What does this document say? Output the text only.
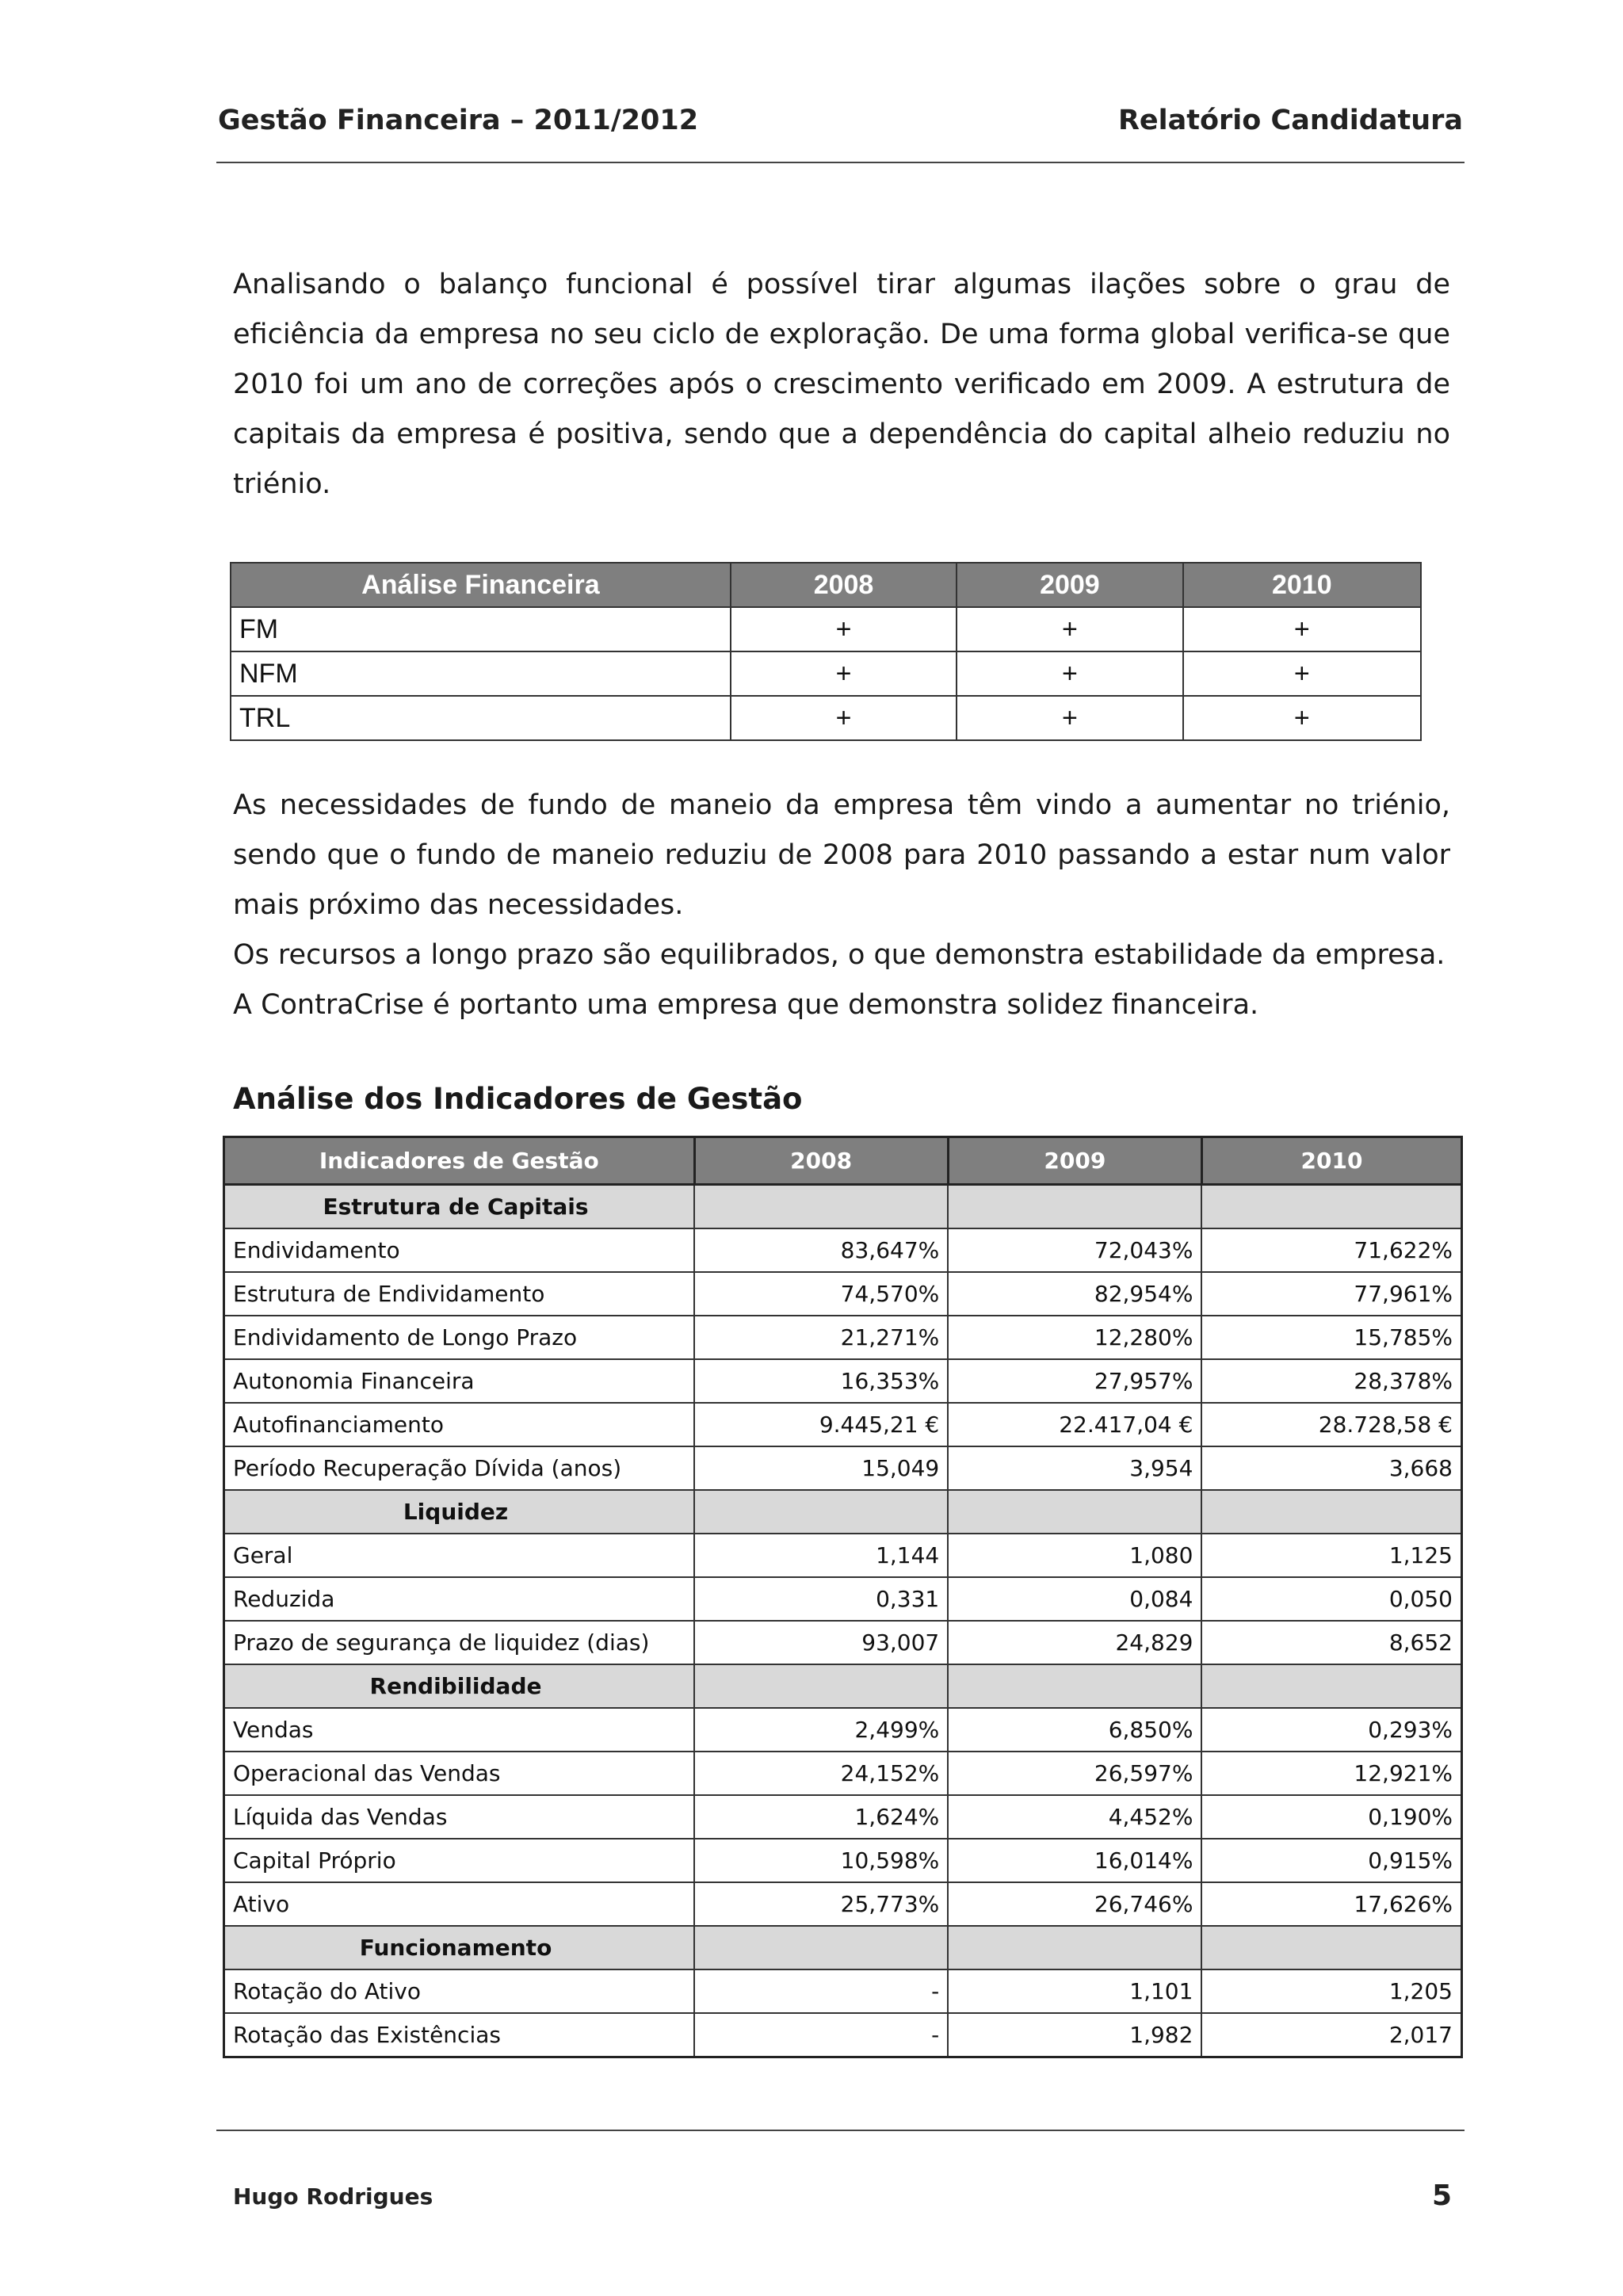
Gestão Financeira – 2011/2012	Relatório Candidatura

Analisando o balanço funcional é possível tirar algumas ilações sobre o grau de eficiência da empresa no seu ciclo de exploração. De uma forma global verifica-se que 2010 foi um ano de correções após o crescimento verificado em 2009. A estrutura de capitais da empresa é positiva, sendo que a dependência do capital alheio reduziu no triénio.

Análise Financeira	2008	2009	2010
FM	+	+	+
NFM	+	+	+
TRL	+	+	+

As necessidades de fundo de maneio da empresa têm vindo a aumentar no triénio, sendo que o fundo de maneio reduziu de 2008 para 2010 passando a estar num valor mais próximo das necessidades.

Os recursos a longo prazo são equilibrados, o que demonstra estabilidade da empresa.

A ContraCrise é portanto uma empresa que demonstra solidez financeira.

Análise dos Indicadores de Gestão
Indicadores de Gestão	2008	2009	2010
Estrutura de Capitais			
Endividamento	83,647%	72,043%	71,622%
Estrutura de Endividamento	74,570%	82,954%	77,961%
Endividamento de Longo Prazo	21,271%	12,280%	15,785%
Autonomia Financeira	16,353%	27,957%	28,378%
Autofinanciamento	9.445,21 €	22.417,04 €	28.728,58 €
Período Recuperação Dívida (anos)	15,049	3,954	3,668
Liquidez			
Geral	1,144	1,080	1,125
Reduzida	0,331	0,084	0,050
Prazo de segurança de liquidez (dias)	93,007	24,829	8,652
Rendibilidade			
Vendas	2,499%	6,850%	0,293%
Operacional das Vendas	24,152%	26,597%	12,921%
Líquida das Vendas	1,624%	4,452%	0,190%
Capital Próprio	10,598%	16,014%	0,915%
Ativo	25,773%	26,746%	17,626%
Funcionamento			
Rotação do Ativo	-	1,101	1,205
Rotação das Existências	-	1,982	2,017
Hugo Rodrigues	5
